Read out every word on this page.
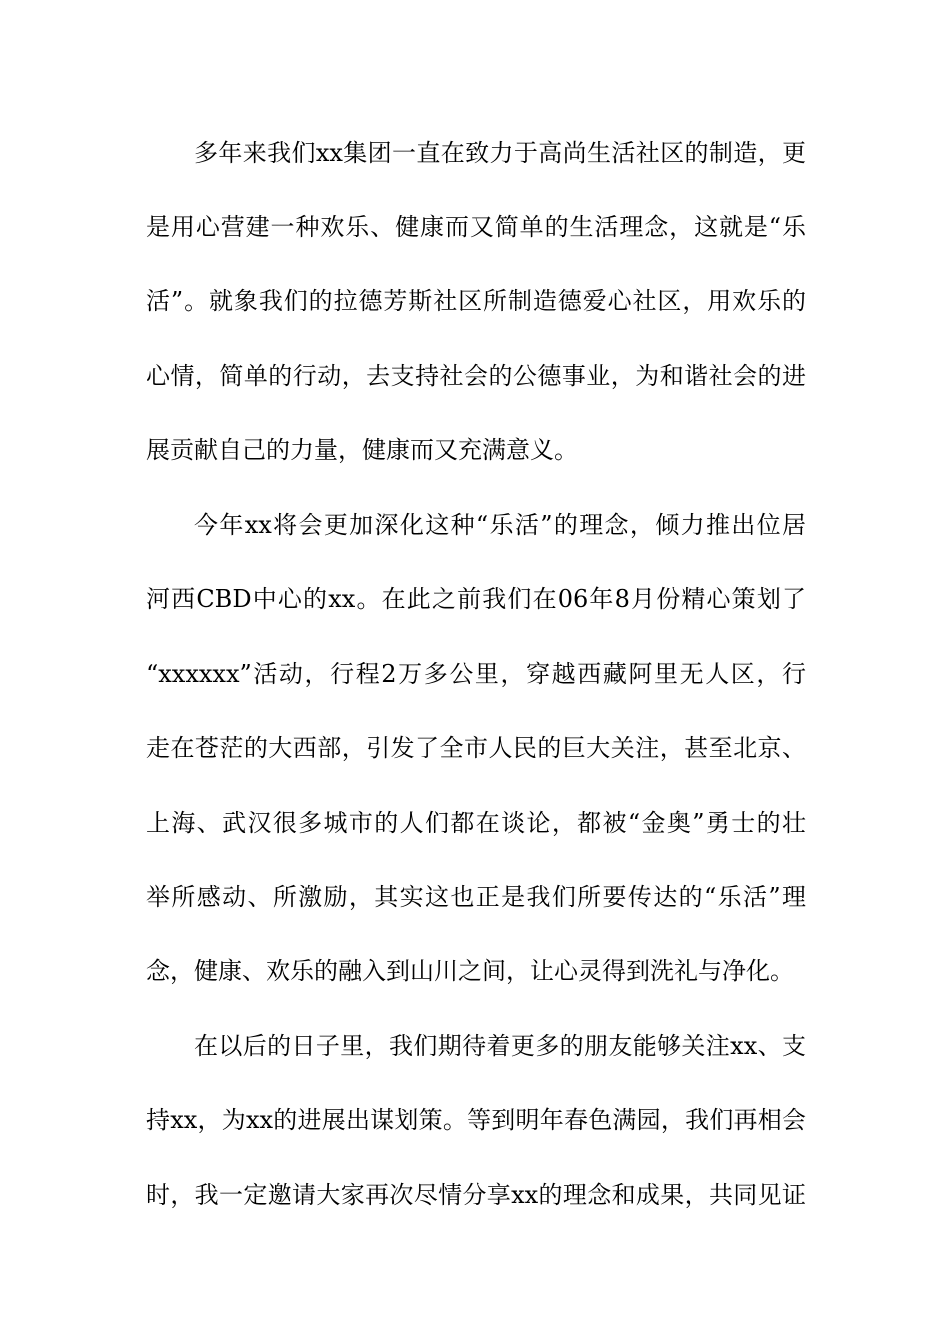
多年来我们xx集团一直在致力于高尚生活社区的制造，更
是用心营建一种欢乐、健康而又简单的生活理念，这就是“乐
活”。就象我们的拉德芳斯社区所制造德爱心社区，用欢乐的
心情，简单的行动，去支持社会的公德事业，为和谐社会的进
展贡献自己的力量，健康而又充满意义。
今年xx将会更加深化这种“乐活”的理念，倾力推出位居
河西CBD中心的xx。在此之前我们在06年8月份精心策划了
“xxxxxx”活动，行程2万多公里，穿越西藏阿里无人区，行
走在苍茫的大西部，引发了全市人民的巨大关注，甚至北京、
上海、武汉很多城市的人们都在谈论，都被“金奥”勇士的壮
举所感动、所激励，其实这也正是我们所要传达的“乐活”理
念，健康、欢乐的融入到山川之间，让心灵得到洗礼与净化。
在以后的日子里，我们期待着更多的朋友能够关注xx、支
持xx，为xx的进展出谋划策。等到明年春色满园，我们再相会
时，我一定邀请大家再次尽情分享xx的理念和成果，共同见证
